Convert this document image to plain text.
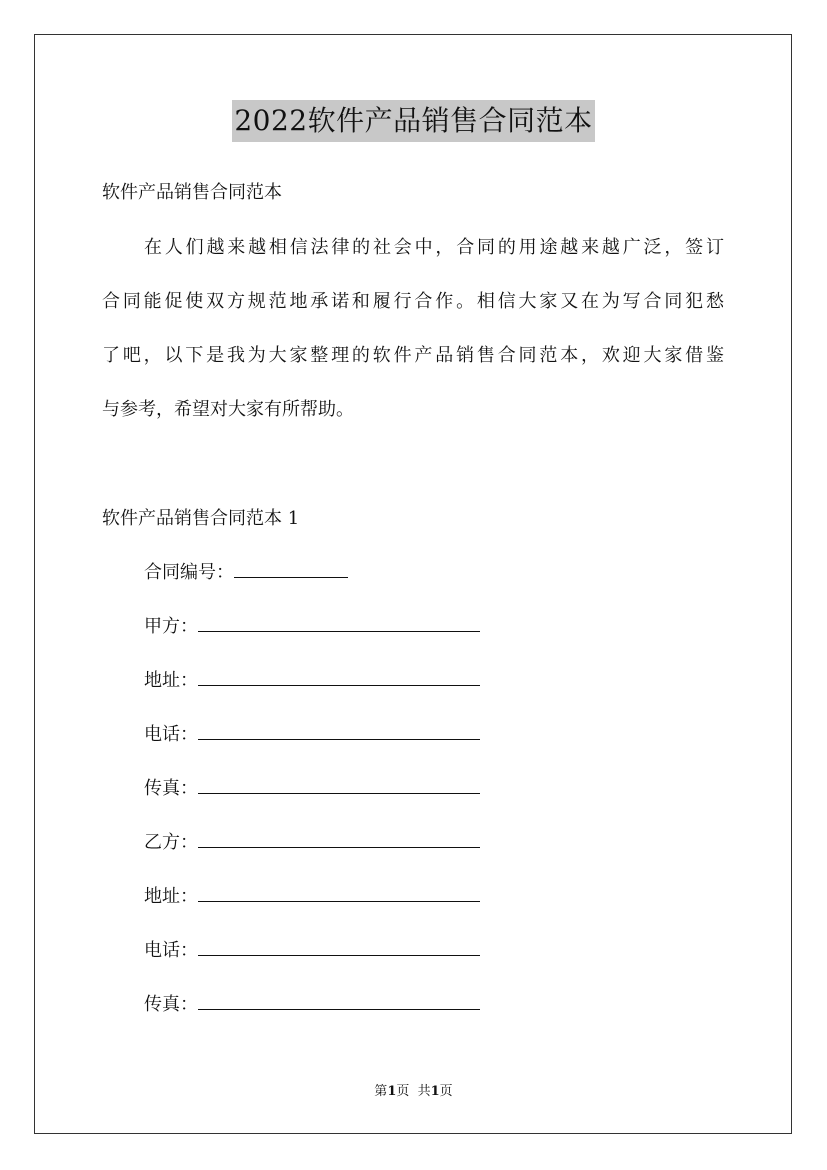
2022软件产品销售合同范本
软件产品销售合同范本
在人们越来越相信法律的社会中，合同的用途越来越广泛，签订
合同能促使双方规范地承诺和履行合作。相信大家又在为写合同犯愁
了吧，以下是我为大家整理的软件产品销售合同范本，欢迎大家借鉴
与参考，希望对大家有所帮助。
软件产品销售合同范本 1
合同编号：
甲方：
地址：
电话：
传真：
乙方：
地址：
电话：
传真：
第1页  共1页
